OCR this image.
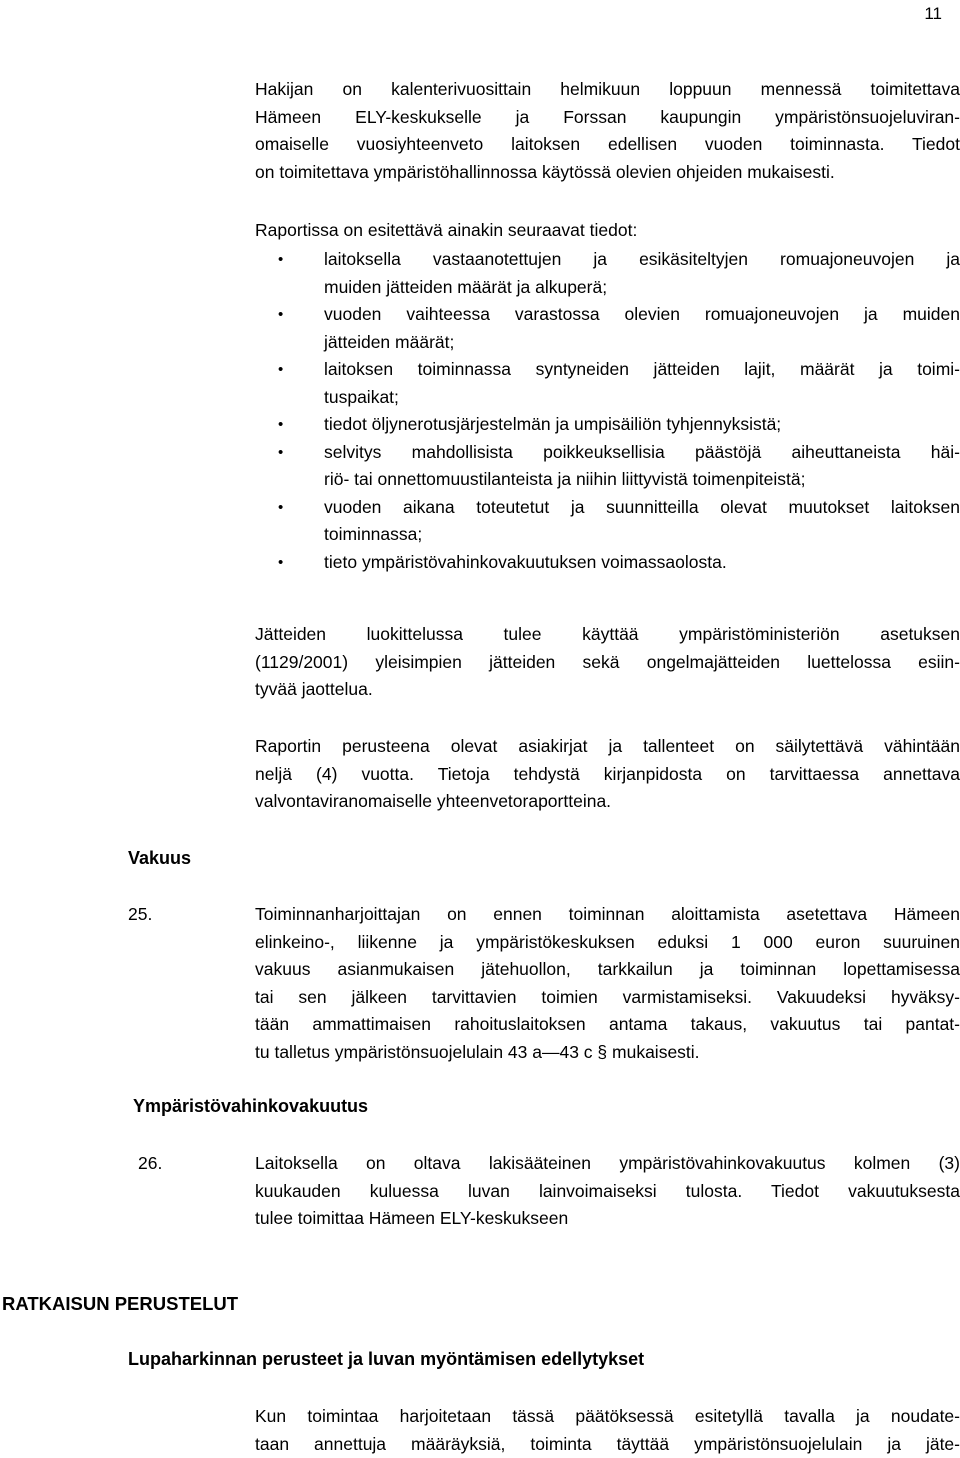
11
Hakijan on kalenterivuosittain helmikuun loppuun mennessä toimitettava
Hämeen ELY-keskukselle ja Forssan kaupungin ympäristönsuojeluviran-
omaiselle vuosiyhteenveto laitoksen edellisen vuoden toiminnasta. Tiedot
on toimitettava ympäristöhallinnossa käytössä olevien ohjeiden mukaisesti.
Raportissa on esitettävä ainakin seuraavat tiedot:
• laitoksella vastaanotettujen ja esikäsiteltyjen romuajoneuvojen ja
muiden jätteiden määrät ja alkuperä;
• vuoden vaihteessa varastossa olevien romuajoneuvojen ja muiden
jätteiden määrät;
• laitoksen toiminnassa syntyneiden jätteiden lajit, määrät ja toimi-
tuspaikat;
• tiedot öljynerotusjärjestelmän ja umpisäiliön tyhjennyksistä;
• selvitys mahdollisista poikkeuksellisia päästöjä aiheuttaneista häi-
riö- tai onnettomuustilanteista ja niihin liittyvistä toimenpiteistä;
• vuoden aikana toteutetut ja suunnitteilla olevat muutokset laitoksen
toiminnassa;
• tieto ympäristövahinkovakuutuksen voimassaolosta.
Jätteiden luokittelussa tulee käyttää ympäristöministeriön asetuksen
(1129/2001) yleisimpien jätteiden sekä ongelmajätteiden luettelossa esiin-
tyvää jaottelua.
Raportin perusteena olevat asiakirjat ja tallenteet on säilytettävä vähintään
neljä (4) vuotta. Tietoja tehdystä kirjanpidosta on tarvittaessa annettava
valvontaviranomaiselle yhteenvetoraportteina.
Vakuus
25.	Toiminnanharjoittajan on ennen toiminnan aloittamista asetettava Hämeen
elinkeino-, liikenne ja ympäristökeskuksen eduksi 1 000 euron suuruinen
vakuus asianmukaisen jätehuollon, tarkkailun ja toiminnan lopettamisessa
tai sen jälkeen tarvittavien toimien varmistamiseksi. Vakuudeksi hyväksy-
tään ammattimaisen rahoituslaitoksen antama takaus, vakuutus tai pantat-
tu talletus ympäristönsuojelulain 43 a—43 c § mukaisesti.
Ympäristövahinkovakuutus
26.	Laitoksella on oltava lakisääteinen ympäristövahinkovakuutus kolmen (3)
kuukauden kuluessa luvan lainvoimaiseksi tulosta. Tiedot vakuutuksesta
tulee toimittaa Hämeen ELY-keskukseen
RATKAISUN PERUSTELUT
Lupaharkinnan perusteet ja luvan myöntämisen edellytykset
Kun toimintaa harjoitetaan tässä päätöksessä esitetyllä tavalla ja noudate-
taan annettuja määräyksiä, toiminta täyttää ympäristönsuojelulain ja jäte-
